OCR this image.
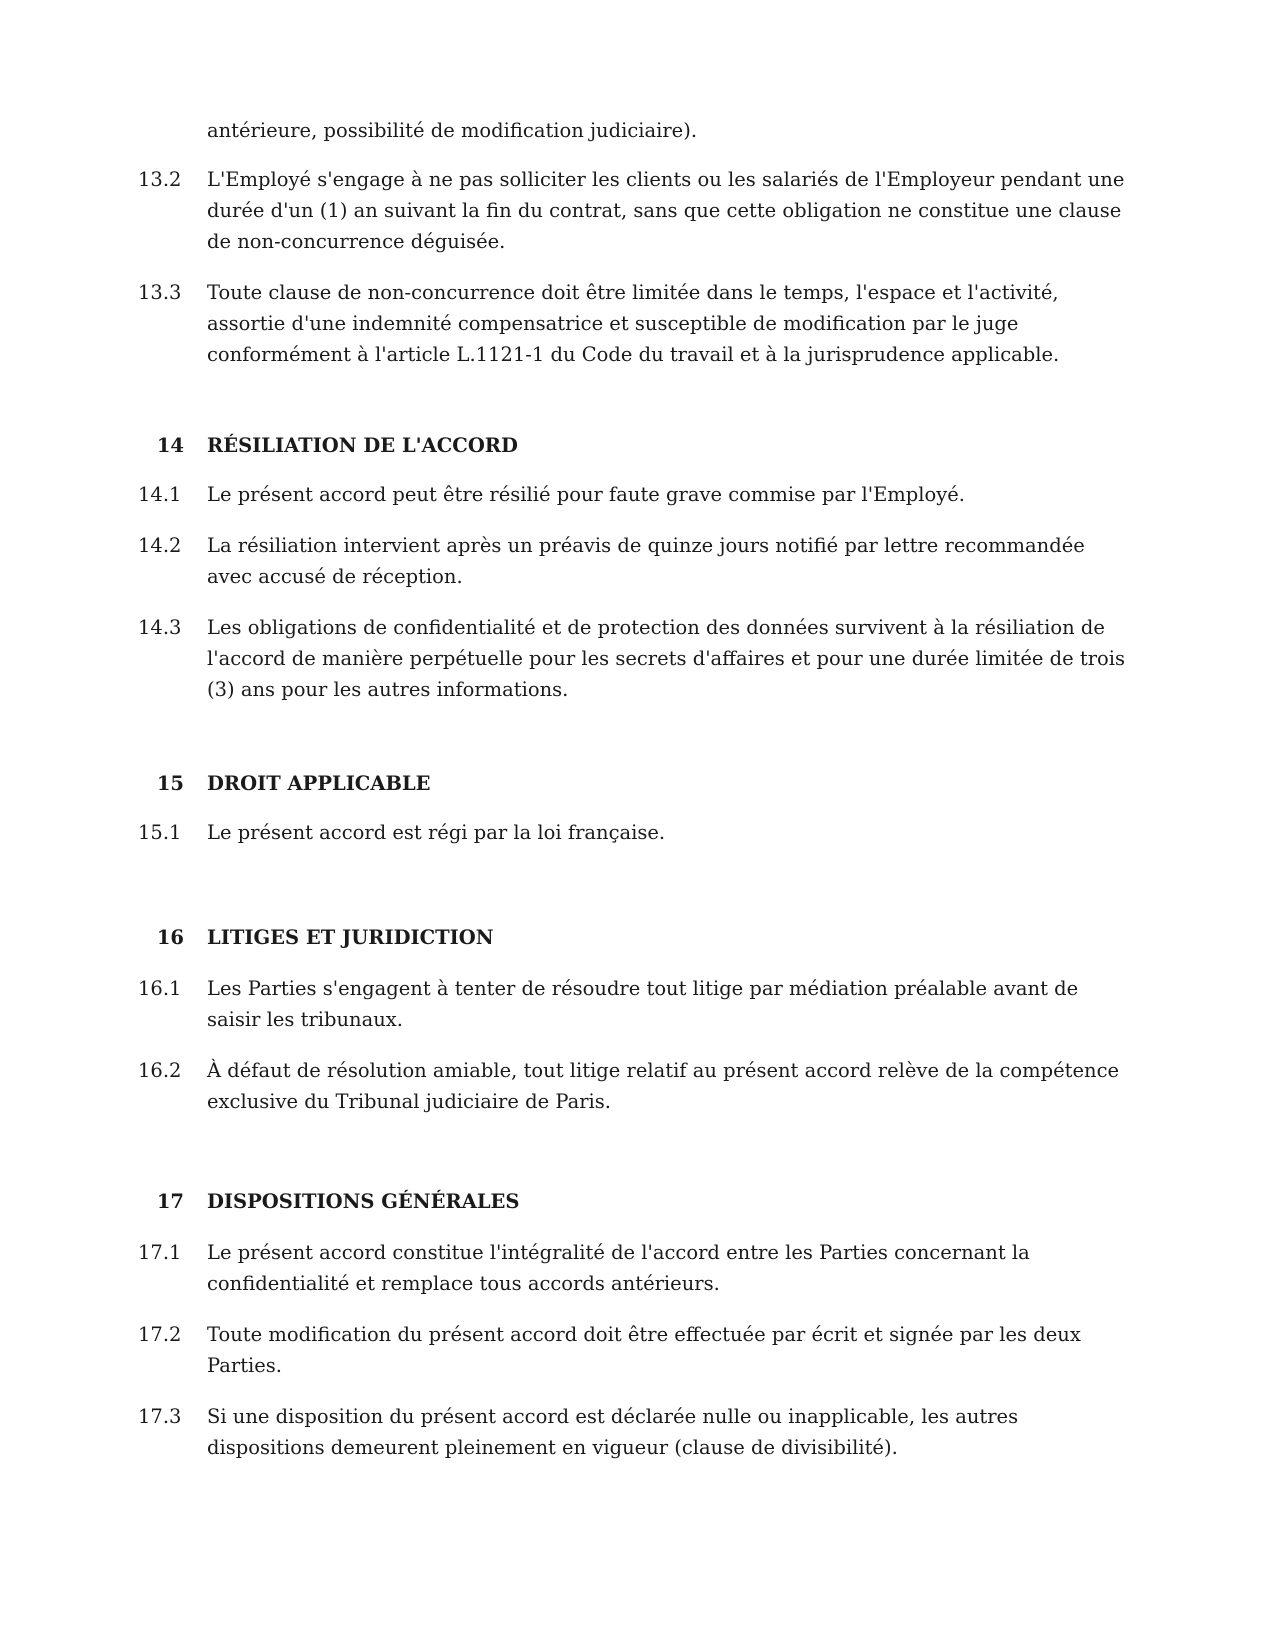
antérieure, possibilité de modification judiciaire).
13.2	L'Employé s'engage à ne pas solliciter les clients ou les salariés de l'Employeur pendant une durée d'un (1) an suivant la fin du contrat, sans que cette obligation ne constitue une clause de non-concurrence déguisée.
13.3	Toute clause de non-concurrence doit être limitée dans le temps, l'espace et l'activité, assortie d'une indemnité compensatrice et susceptible de modification par le juge conformément à l'article L.1121-1 du Code du travail et à la jurisprudence applicable.
14 RÉSILIATION DE L'ACCORD
14.1	Le présent accord peut être résilié pour faute grave commise par l'Employé.
14.2	La résiliation intervient après un préavis de quinze jours notifié par lettre recommandée avec accusé de réception.
14.3	Les obligations de confidentialité et de protection des données survivent à la résiliation de l'accord de manière perpétuelle pour les secrets d'affaires et pour une durée limitée de trois (3) ans pour les autres informations.
15 DROIT APPLICABLE
15.1	Le présent accord est régi par la loi française.
16 LITIGES ET JURIDICTION
16.1	Les Parties s'engagent à tenter de résoudre tout litige par médiation préalable avant de saisir les tribunaux.
16.2	À défaut de résolution amiable, tout litige relatif au présent accord relève de la compétence exclusive du Tribunal judiciaire de Paris.
17 DISPOSITIONS GÉNÉRALES
17.1	Le présent accord constitue l'intégralité de l'accord entre les Parties concernant la confidentialité et remplace tous accords antérieurs.
17.2	Toute modification du présent accord doit être effectuée par écrit et signée par les deux Parties.
17.3	Si une disposition du présent accord est déclarée nulle ou inapplicable, les autres dispositions demeurent pleinement en vigueur (clause de divisibilité).
